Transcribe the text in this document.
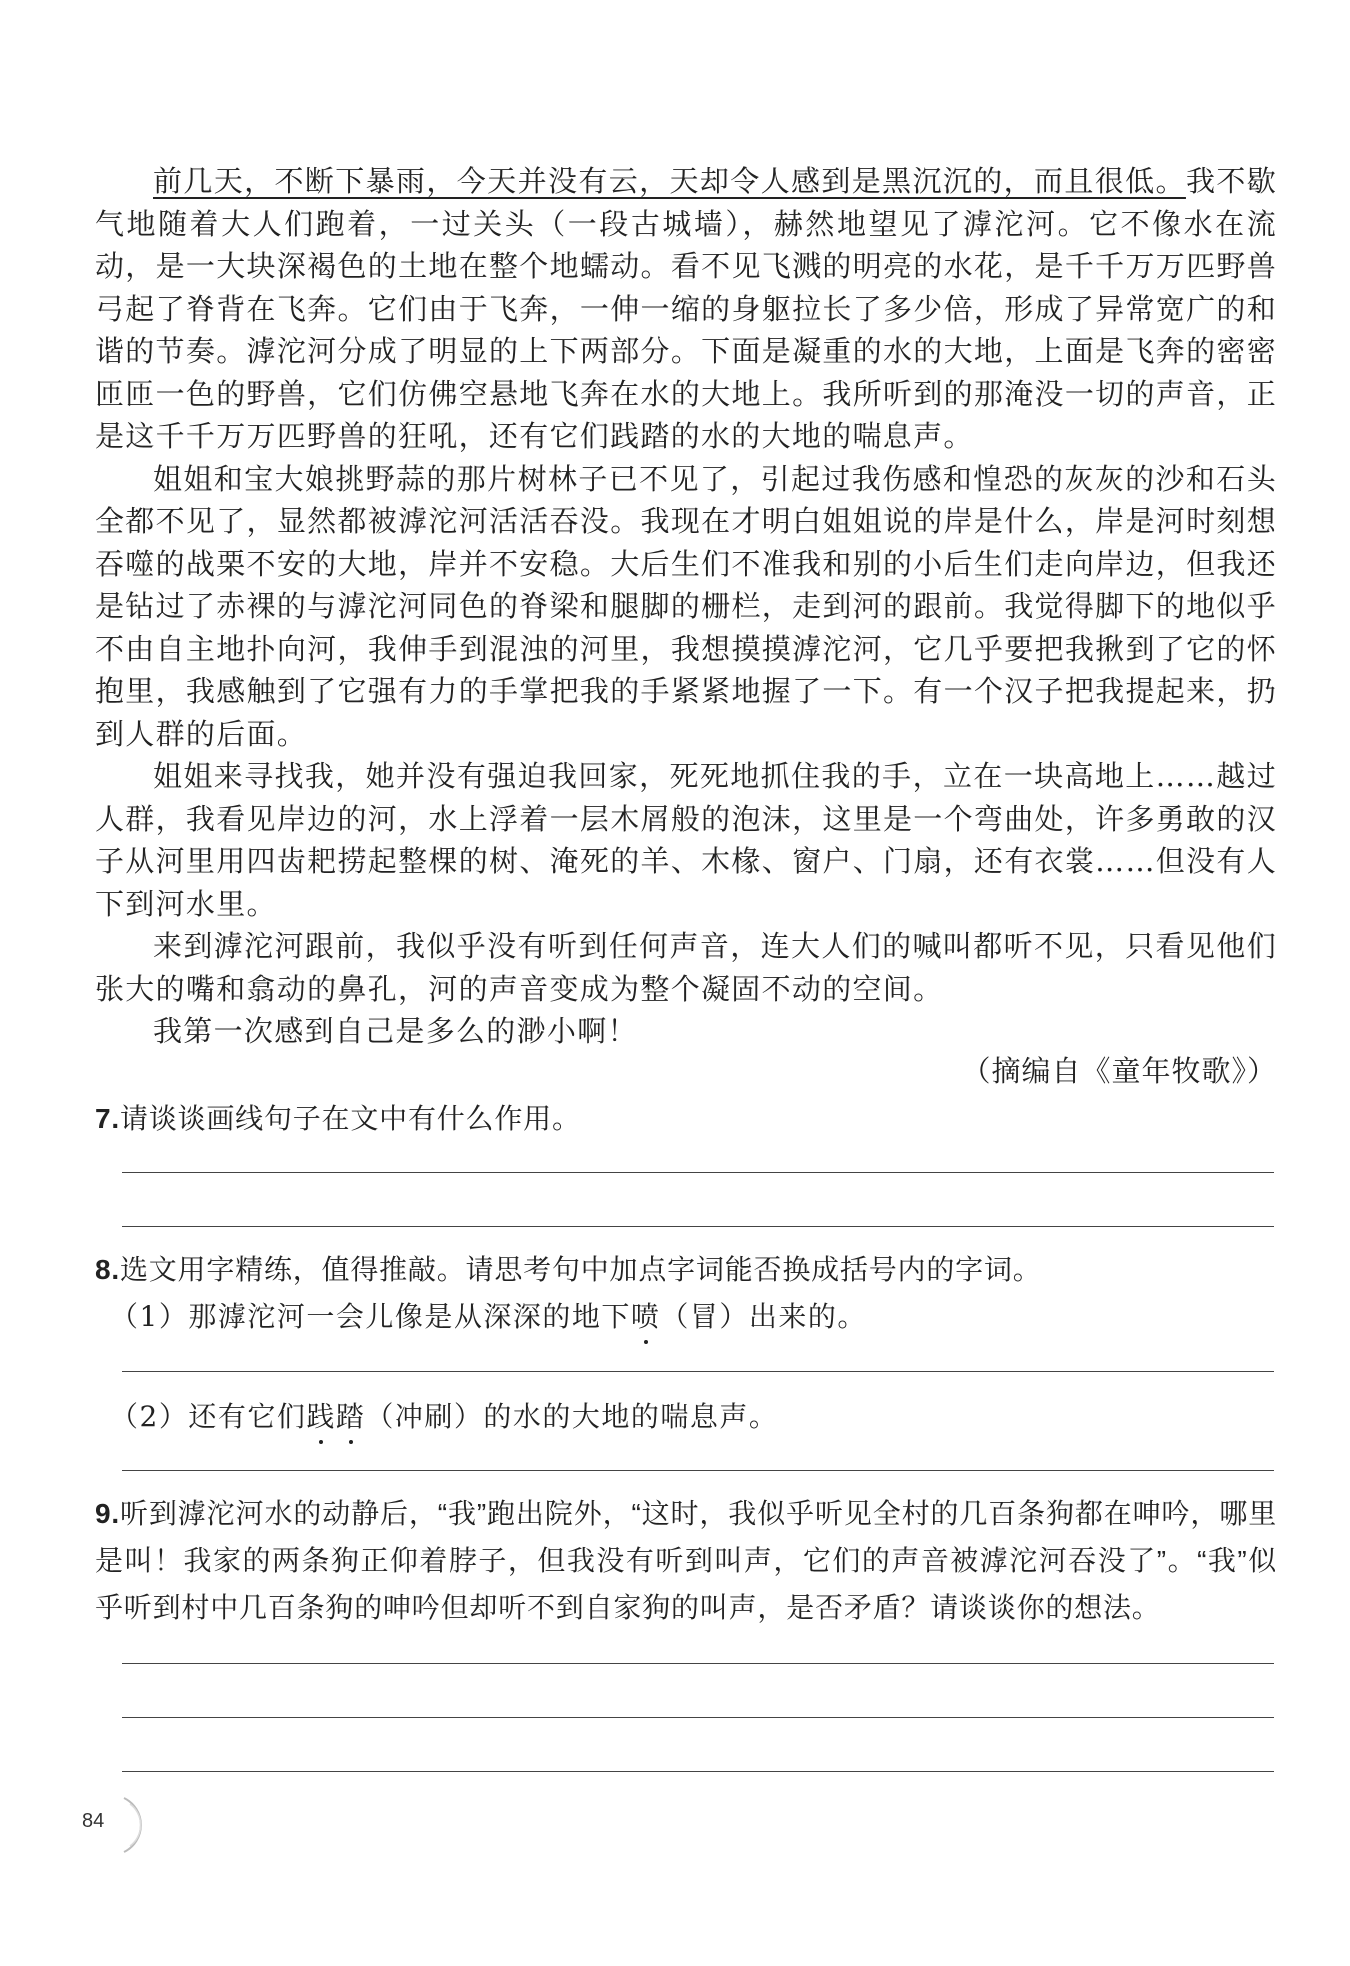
前几天，不断下暴雨，今天并没有云，天却令人感到是黑沉沉的，而且很低。我不歇气地随着大人们跑着，一过关头（一段古城墙），赫然地望见了滹沱河。它不像水在流动，是一大块深褐色的土地在整个地蠕动。看不见飞溅的明亮的水花，是千千万万匹野兽弓起了脊背在飞奔。它们由于飞奔，一伸一缩的身躯拉长了多少倍，形成了异常宽广的和谐的节奏。滹沱河分成了明显的上下两部分。下面是凝重的水的大地，上面是飞奔的密密匝匝一色的野兽，它们仿佛空悬地飞奔在水的大地上。我所听到的那淹没一切的声音，正是这千千万万匹野兽的狂吼，还有它们践踏的水的大地的喘息声。

姐姐和宝大娘挑野蒜的那片树林子已不见了，引起过我伤感和惶恐的灰灰的沙和石头全都不见了，显然都被滹沱河活活吞没。我现在才明白姐姐说的岸是什么，岸是河时刻想吞噬的战栗不安的大地，岸并不安稳。大后生们不准我和别的小后生们走向岸边，但我还是钻过了赤裸的与滹沱河同色的脊梁和腿脚的栅栏，走到河的跟前。我觉得脚下的地似乎不由自主地扑向河，我伸手到混浊的河里，我想摸摸滹沱河，它几乎要把我揪到了它的怀抱里，我感触到了它强有力的手掌把我的手紧紧地握了一下。有一个汉子把我提起来，扔到人群的后面。

姐姐来寻找我，她并没有强迫我回家，死死地抓住我的手，立在一块高地上……越过人群，我看见岸边的河，水上浮着一层木屑般的泡沫，这里是一个弯曲处，许多勇敢的汉子从河里用四齿耙捞起整棵的树、淹死的羊、木椽、窗户、门扇，还有衣裳……但没有人下到河水里。

来到滹沱河跟前，我似乎没有听到任何声音，连大人们的喊叫都听不见，只看见他们张大的嘴和翕动的鼻孔，河的声音变成为整个凝固不动的空间。

我第一次感到自己是多么的渺小啊！

（摘编自《童年牧歌》）
7.请谈谈画线句子在文中有什么作用。
8.选文用字精练，值得推敲。请思考句中加点字词能否换成括号内的字词。
（1）那滹沱河一会儿像是从深深的地下喷（冒）出来的。
（2）还有它们践踏（冲刷）的水的大地的喘息声。
9.听到滹沱河水的动静后，“我”跑出院外，“这时，我似乎听见全村的几百条狗都在呻吟，哪里是叫！我家的两条狗正仰着脖子，但我没有听到叫声，它们的声音被滹沱河吞没了”。“我”似乎听到村中几百条狗的呻吟但却听不到自家狗的叫声，是否矛盾？请谈谈你的想法。
84
